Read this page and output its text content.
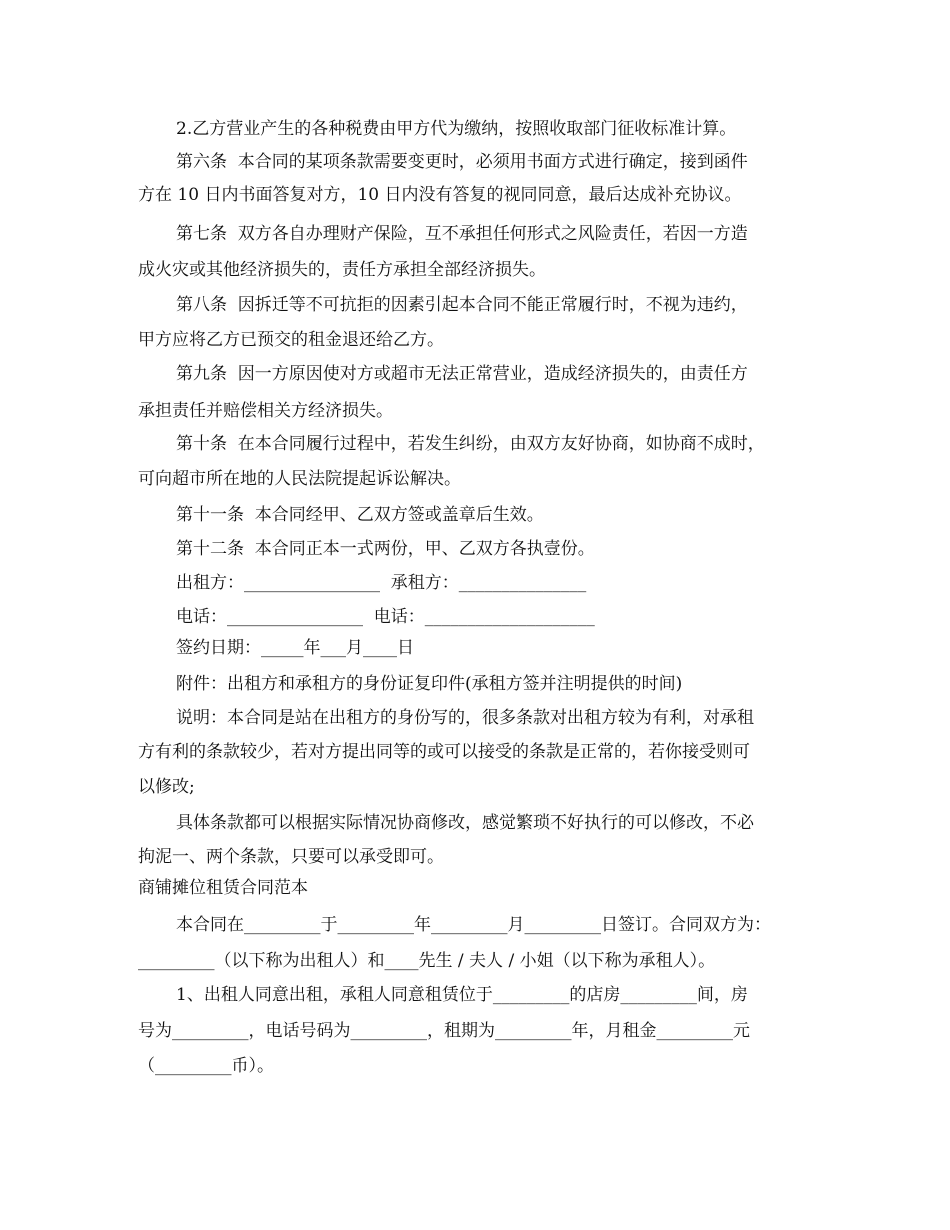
2.乙方营业产生的各种税费由甲方代为缴纳，按照收取部门征收标准计算。
第六条  本合同的某项条款需要变更时，必须用书面方式进行确定，接到函件
方在 10 日内书面答复对方，10 日内没有答复的视同同意，最后达成补充协议。
第七条  双方各自办理财产保险，互不承担任何形式之风险责任，若因一方造
成火灾或其他经济损失的，责任方承担全部经济损失。
第八条  因拆迁等不可抗拒的因素引起本合同不能正常履行时，不视为违约，
甲方应将乙方已预交的租金退还给乙方。
第九条  因一方原因使对方或超市无法正常营业，造成经济损失的，由责任方
承担责任并赔偿相关方经济损失。
第十条  在本合同履行过程中，若发生纠纷，由双方友好协商，如协商不成时，
可向超市所在地的人民法院提起诉讼解决。
第十一条  本合同经甲、乙双方签或盖章后生效。
第十二条  本合同正本一式两份，甲、乙双方各执壹份。
出租方：________________  承租方：_______________
电话：________________  电话：____________________
签约日期：_____年___月____日
附件：出租方和承租方的身份证复印件(承租方签并注明提供的时间)
说明：本合同是站在出租方的身份写的，很多条款对出租方较为有利，对承租
方有利的条款较少，若对方提出同等的或可以接受的条款是正常的，若你接受则可
以修改;
具体条款都可以根据实际情况协商修改，感觉繁琐不好执行的可以修改，不必
拘泥一、两个条款，只要可以承受即可。
商铺摊位租赁合同范本
本合同在_________于_________年_________月_________日签订。合同双方为：
_________（以下称为出租人）和____先生 / 夫人 / 小姐（以下称为承租人）。
1、出租人同意出租，承租人同意租赁位于_________的店房_________间，房
号为_________，电话号码为_________，租期为_________年，月租金_________元
（_________币）。
